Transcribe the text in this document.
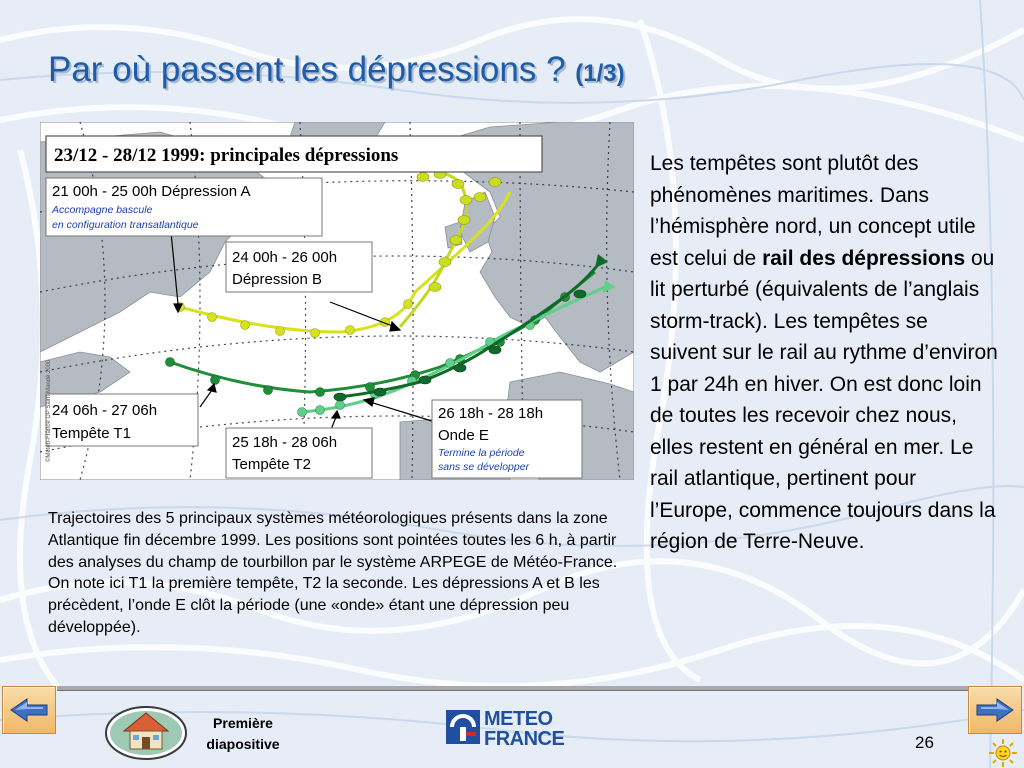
Par où passent les dépressions ? (1/3)
23/12 - 28/12 1999: principales dépressions
21 00h - 25 00h Dépression A
Accompagne bascule
en configuration transatlantique
24 00h - 26 00h
Dépression B
24 06h - 27 06h
Tempête T1
25 18h - 28 06h
Tempête T2
26 18h - 28 18h
Onde E
Termine la période
sans se développer
©Météo-France DP Saint-Mandé 2000

Trajectoires des 5 principaux systèmes météorologiques présents dans la zone Atlantique fin décembre 1999. Les positions sont pointées toutes les 6 h, à partir des analyses du champ de tourbillon par le système ARPEGE de Météo-France. On note ici T1 la première tempête, T2 la seconde. Les dépressions A et B les précèdent, l’onde E clôt la période (une «onde» étant une dépression peu développée).

Les tempêtes sont plutôt des phénomènes maritimes. Dans l’hémisphère nord, un concept utile est celui de rail des dépressions ou lit perturbé (équivalents de l’anglais storm-track). Les tempêtes se suivent sur le rail au rythme d’environ 1 par 24h en hiver. On est donc loin de toutes les recevoir chez nous, elles restent en général en mer. Le rail atlantique, pertinent pour l’Europe, commence toujours dans la région de Terre-Neuve.

Première
diapositive
METEO
FRANCE	26
